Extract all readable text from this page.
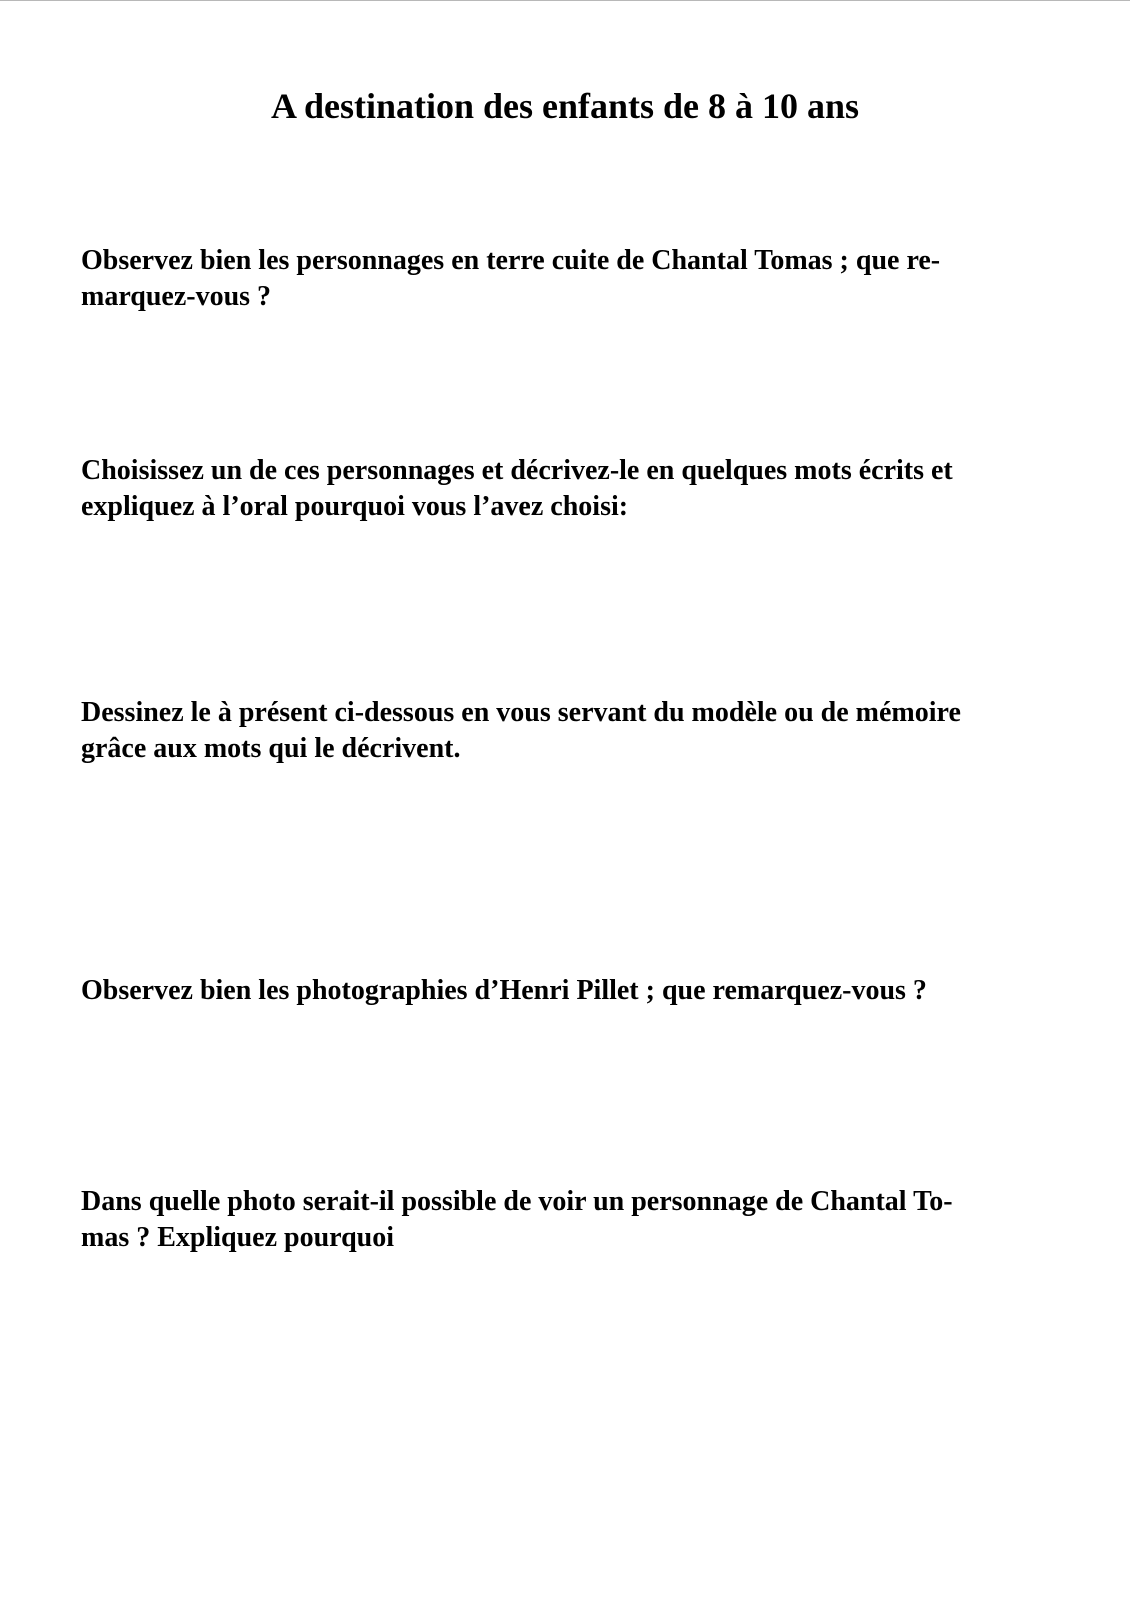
A destination des enfants de 8 à 10 ans

Observez bien les personnages en terre cuite de Chantal Tomas ; que re-
marquez-vous ?

Choisissez un de ces personnages et décrivez-le en quelques mots écrits et
expliquez à l’oral pourquoi vous l’avez choisi:

Dessinez le à présent ci-dessous en vous servant du modèle ou de mémoire
grâce aux mots qui le décrivent.

Observez bien les photographies d’Henri Pillet ; que remarquez-vous ?

Dans quelle photo serait-il possible de voir un personnage de Chantal To-
mas ? Expliquez pourquoi
